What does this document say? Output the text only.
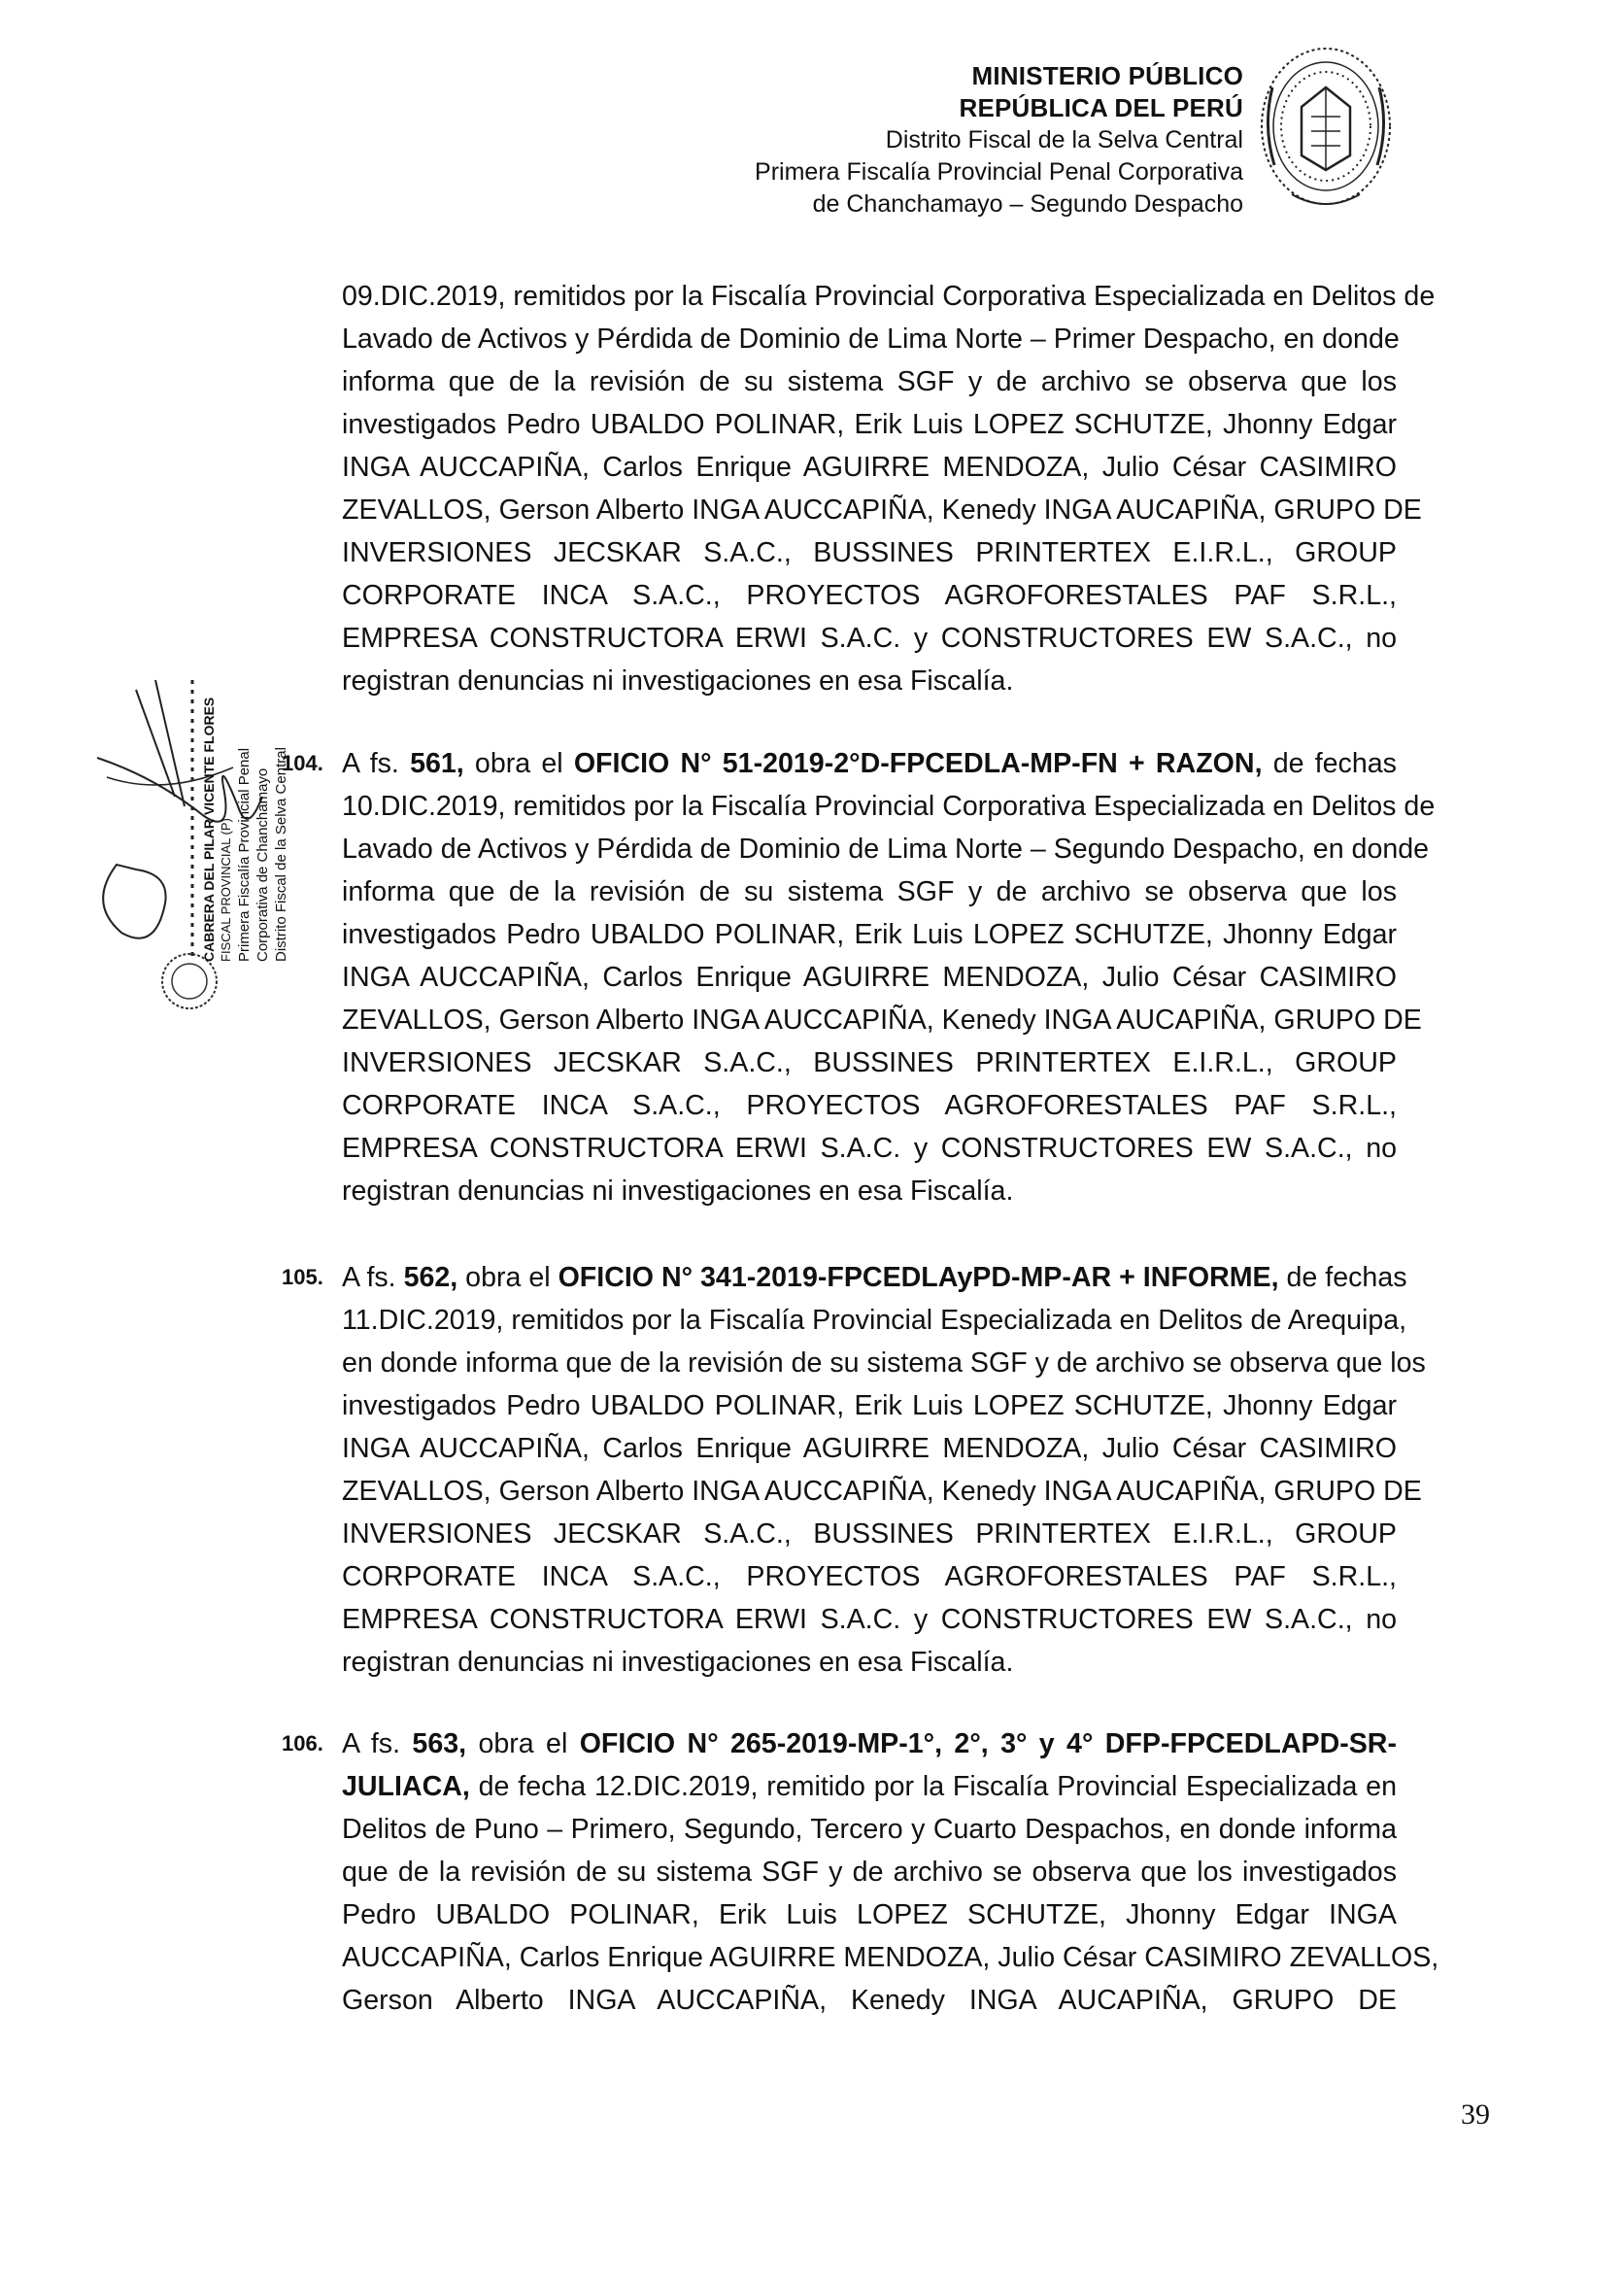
MINISTERIO PÚBLICO
REPÚBLICA DEL PERÚ
Distrito Fiscal de la Selva Central
Primera Fiscalía Provincial Penal Corporativa
de Chanchamayo – Segundo Despacho
09.DIC.2019, remitidos por la Fiscalía Provincial Corporativa Especializada en Delitos de
Lavado de Activos y Pérdida de Dominio de Lima Norte – Primer Despacho, en donde
informa que de la revisión de su sistema SGF y de archivo se observa que los
investigados Pedro UBALDO POLINAR, Erik Luis LOPEZ SCHUTZE, Jhonny Edgar
INGA AUCCAPIÑA, Carlos Enrique AGUIRRE MENDOZA, Julio César CASIMIRO
ZEVALLOS, Gerson Alberto INGA AUCCAPIÑA, Kenedy INGA AUCAPIÑA, GRUPO DE
INVERSIONES JECSKAR S.A.C., BUSSINES PRINTERTEX E.I.R.L., GROUP
CORPORATE INCA S.A.C., PROYECTOS AGROFORESTALES PAF S.R.L.,
EMPRESA CONSTRUCTORA ERWI S.A.C. y CONSTRUCTORES EW S.A.C., no
registran denuncias ni investigaciones en esa Fiscalía.
104. A fs. 561, obra el OFICIO N° 51-2019-2°D-FPCEDLA-MP-FN + RAZON, de fechas
10.DIC.2019, remitidos por la Fiscalía Provincial Corporativa Especializada en Delitos de
Lavado de Activos y Pérdida de Dominio de Lima Norte – Segundo Despacho, en donde
informa que de la revisión de su sistema SGF y de archivo se observa que los
investigados Pedro UBALDO POLINAR, Erik Luis LOPEZ SCHUTZE, Jhonny Edgar
INGA AUCCAPIÑA, Carlos Enrique AGUIRRE MENDOZA, Julio César CASIMIRO
ZEVALLOS, Gerson Alberto INGA AUCCAPIÑA, Kenedy INGA AUCAPIÑA, GRUPO DE
INVERSIONES JECSKAR S.A.C., BUSSINES PRINTERTEX E.I.R.L., GROUP
CORPORATE INCA S.A.C., PROYECTOS AGROFORESTALES PAF S.R.L.,
EMPRESA CONSTRUCTORA ERWI S.A.C. y CONSTRUCTORES EW S.A.C., no
registran denuncias ni investigaciones en esa Fiscalía.
105. A fs. 562, obra el OFICIO N° 341-2019-FPCEDLAyPD-MP-AR + INFORME, de fechas
11.DIC.2019, remitidos por la Fiscalía Provincial Especializada en Delitos de Arequipa,
en donde informa que de la revisión de su sistema SGF y de archivo se observa que los
investigados Pedro UBALDO POLINAR, Erik Luis LOPEZ SCHUTZE, Jhonny Edgar
INGA AUCCAPIÑA, Carlos Enrique AGUIRRE MENDOZA, Julio César CASIMIRO
ZEVALLOS, Gerson Alberto INGA AUCCAPIÑA, Kenedy INGA AUCAPIÑA, GRUPO DE
INVERSIONES JECSKAR S.A.C., BUSSINES PRINTERTEX E.I.R.L., GROUP
CORPORATE INCA S.A.C., PROYECTOS AGROFORESTALES PAF S.R.L.,
EMPRESA CONSTRUCTORA ERWI S.A.C. y CONSTRUCTORES EW S.A.C., no
registran denuncias ni investigaciones en esa Fiscalía.
106. A fs. 563, obra el OFICIO N° 265-2019-MP-1°, 2°, 3° y 4° DFP-FPCEDLAPD-SR-
JULIACA, de fecha 12.DIC.2019, remitido por la Fiscalía Provincial Especializada en
Delitos de Puno – Primero, Segundo, Tercero y Cuarto Despachos, en donde informa
que de la revisión de su sistema SGF y de archivo se observa que los investigados
Pedro UBALDO POLINAR, Erik Luis LOPEZ SCHUTZE, Jhonny Edgar INGA
AUCCAPIÑA, Carlos Enrique AGUIRRE MENDOZA, Julio César CASIMIRO ZEVALLOS,
Gerson Alberto INGA AUCCAPIÑA, Kenedy INGA AUCAPIÑA, GRUPO DE
CABRERA DEL PILAR VICENTE FLORES FISCAL PROVINCIAL (P) Primera Fiscalía Provincial Penal Corporativa de Chanchamayo Distrito Fiscal de la Selva Central
39
